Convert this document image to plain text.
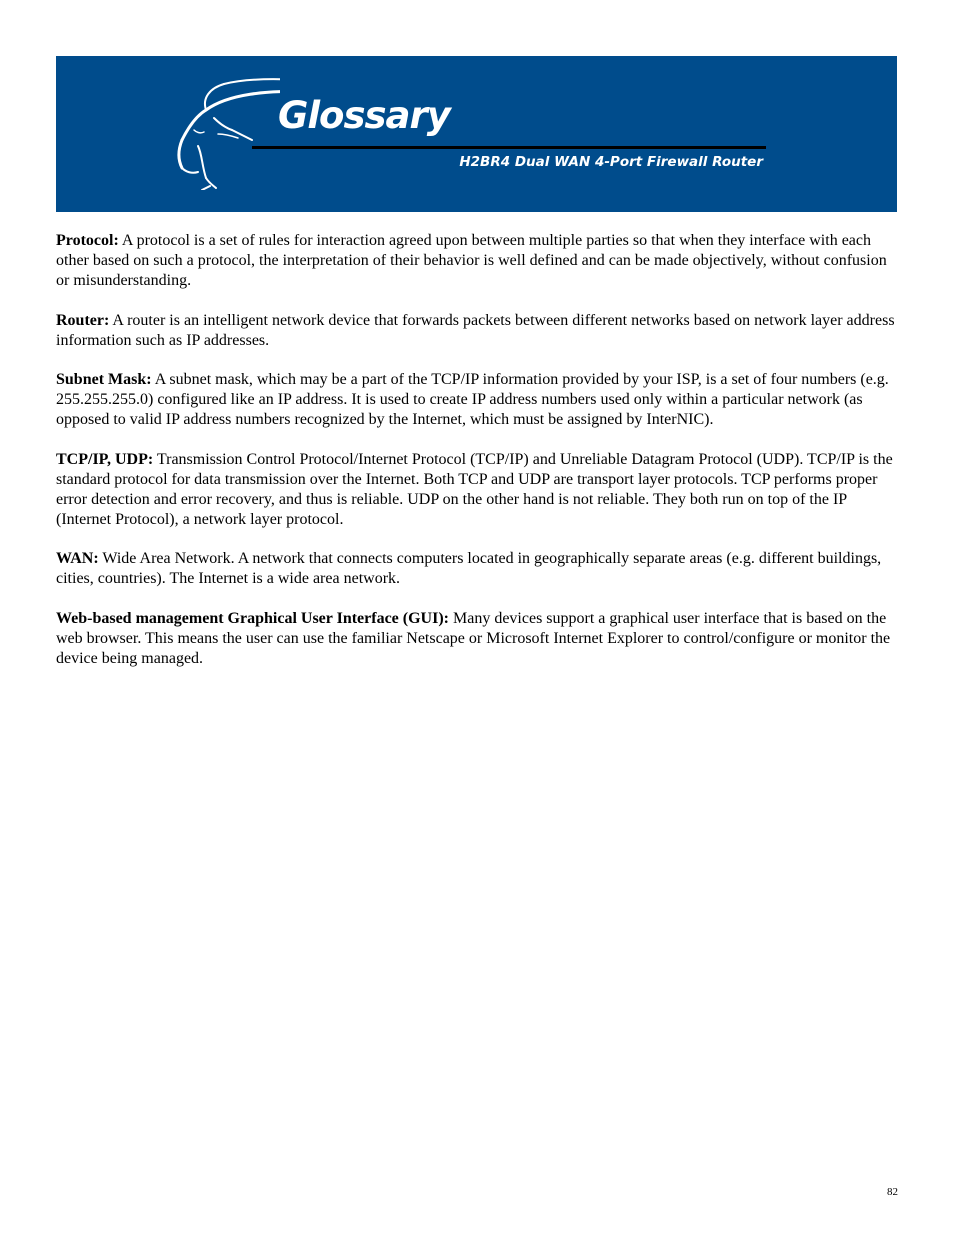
Glossary
H2BR4 Dual WAN 4-Port Firewall Router

Protocol: A protocol is a set of rules for interaction agreed upon between multiple parties so that when they interface with each other based on such a protocol, the interpretation of their behavior is well defined and can be made objectively, without confusion or misunderstanding.

Router: A router is an intelligent network device that forwards packets between different networks based on network layer address information such as IP addresses.

Subnet Mask: A subnet mask, which may be a part of the TCP/IP information provided by your ISP, is a set of four numbers (e.g. 255.255.255.0) configured like an IP address. It is used to create IP address numbers used only within a particular network (as opposed to valid IP address numbers recognized by the Internet, which must be assigned by InterNIC).

TCP/IP, UDP: Transmission Control Protocol/Internet Protocol (TCP/IP) and Unreliable Datagram Protocol (UDP). TCP/IP is the standard protocol for data transmission over the Internet. Both TCP and UDP are transport layer protocols. TCP performs proper error detection and error recovery, and thus is reliable. UDP on the other hand is not reliable. They both run on top of the IP (Internet Protocol), a network layer protocol.

WAN: Wide Area Network. A network that connects computers located in geographically separate areas (e.g. different buildings, cities, countries). The Internet is a wide area network.

Web-based management Graphical User Interface (GUI): Many devices support a graphical user interface that is based on the web browser. This means the user can use the familiar Netscape or Microsoft Internet Explorer to control/configure or monitor the device being managed.

82
